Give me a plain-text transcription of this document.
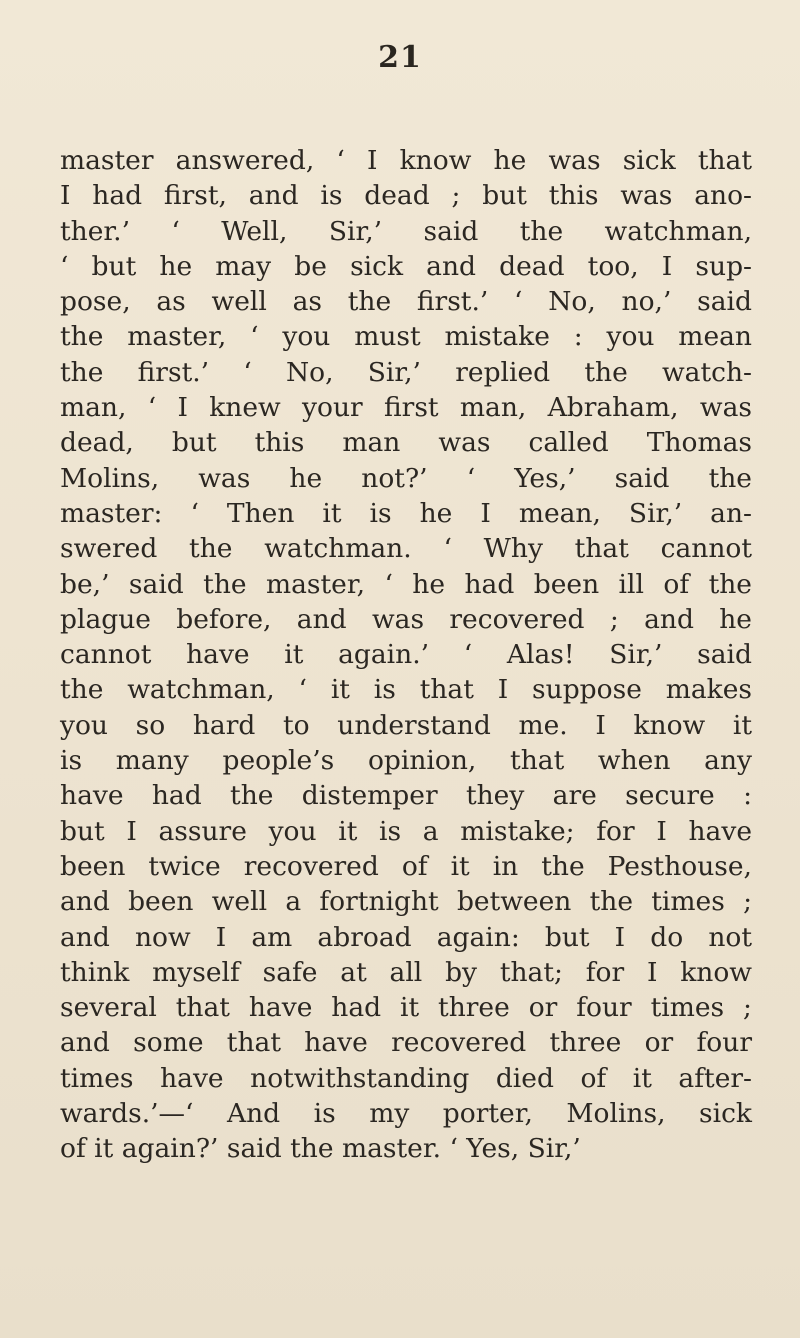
21
master answered, ‘ I know he was sick that
I had first, and is dead ; but this was ano-
ther.’ ‘ Well, Sir,’ said the watchman,
‘ but he may be sick and dead too, I sup-
pose, as well as the first.’ ‘ No, no,’ said
the master, ‘ you must mistake : you mean
the first.’ ‘ No, Sir,’ replied the watch-
man, ‘ I knew your first man, Abraham, was
dead, but this man was called Thomas
Molins, was he not?’ ‘ Yes,’ said the
master: ‘ Then it is he I mean, Sir,’ an-
swered the watchman. ‘ Why that cannot
be,’ said the master, ‘ he had been ill of the
plague before, and was recovered ; and he
cannot have it again.’ ‘ Alas! Sir,’ said
the watchman, ‘ it is that I suppose makes
you so hard to understand me. I know it
is many people’s opinion, that when any
have had the distemper they are secure :
but I assure you it is a mistake; for I have
been twice recovered of it in the Pesthouse,
and been well a fortnight between the times ;
and now I am abroad again: but I do not
think myself safe at all by that; for I know
several that have had it three or four times ;
and some that have recovered three or four
times have notwithstanding died of it after-
wards.’—‘ And is my porter, Molins, sick
of it again?’ said the master. ‘ Yes, Sir,’
